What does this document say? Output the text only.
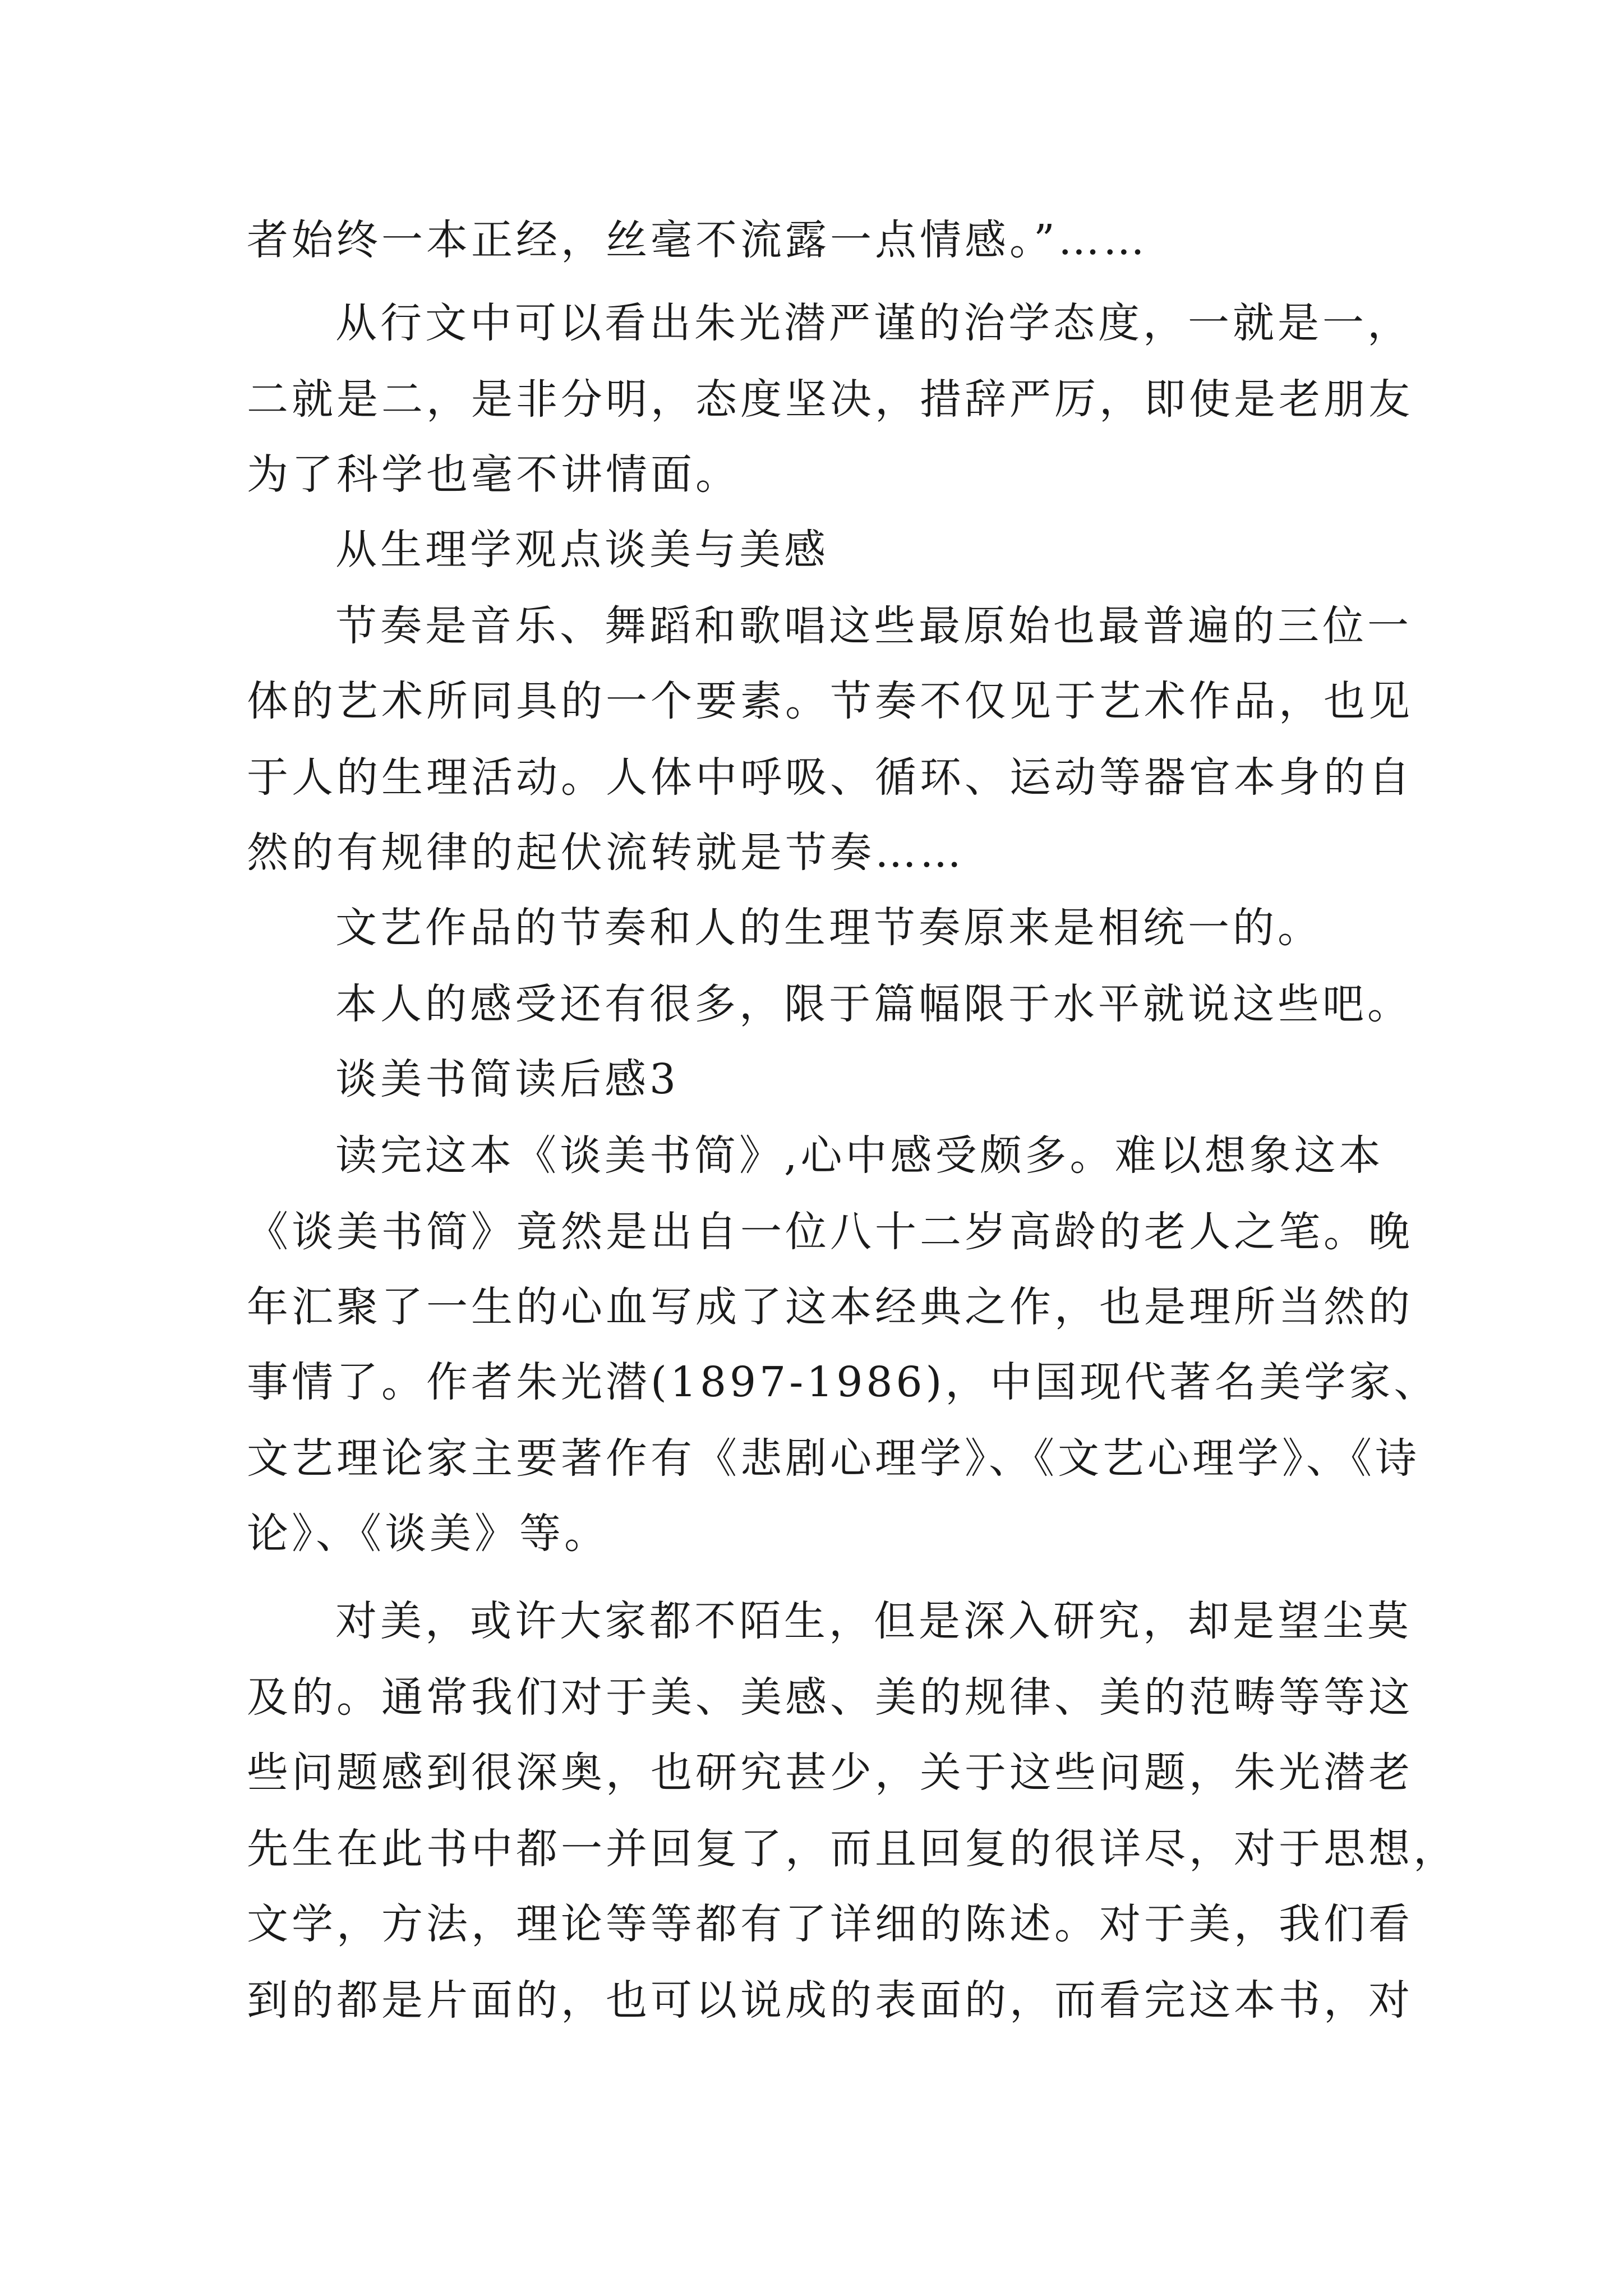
者始终一本正经，丝毫不流露一点情感。”……
从行文中可以看出朱光潜严谨的治学态度，一就是一，
二就是二，是非分明，态度坚决，措辞严厉，即使是老朋友
为了科学也毫不讲情面。
从生理学观点谈美与美感
节奏是音乐、舞蹈和歌唱这些最原始也最普遍的三位一
体的艺术所同具的一个要素。节奏不仅见于艺术作品，也见
于人的生理活动。人体中呼吸、循环、运动等器官本身的自
然的有规律的起伏流转就是节奏……
文艺作品的节奏和人的生理节奏原来是相统一的。
本人的感受还有很多，限于篇幅限于水平就说这些吧。
谈美书简读后感3
读完这本《谈美书简》,心中感受颇多。难以想象这本
《谈美书简》竟然是出自一位八十二岁高龄的老人之笔。晚
年汇聚了一生的心血写成了这本经典之作，也是理所当然的
事情了。作者朱光潜(1897-1986)，中国现代著名美学家、
文艺理论家主要著作有《悲剧心理学》、《文艺心理学》、《诗
论》、《谈美》等。
对美，或许大家都不陌生，但是深入研究，却是望尘莫
及的。通常我们对于美、美感、美的规律、美的范畴等等这
些问题感到很深奥，也研究甚少，关于这些问题，朱光潜老
先生在此书中都一并回复了，而且回复的很详尽，对于思想，
文学，方法，理论等等都有了详细的陈述。对于美，我们看
到的都是片面的，也可以说成的表面的，而看完这本书，对
